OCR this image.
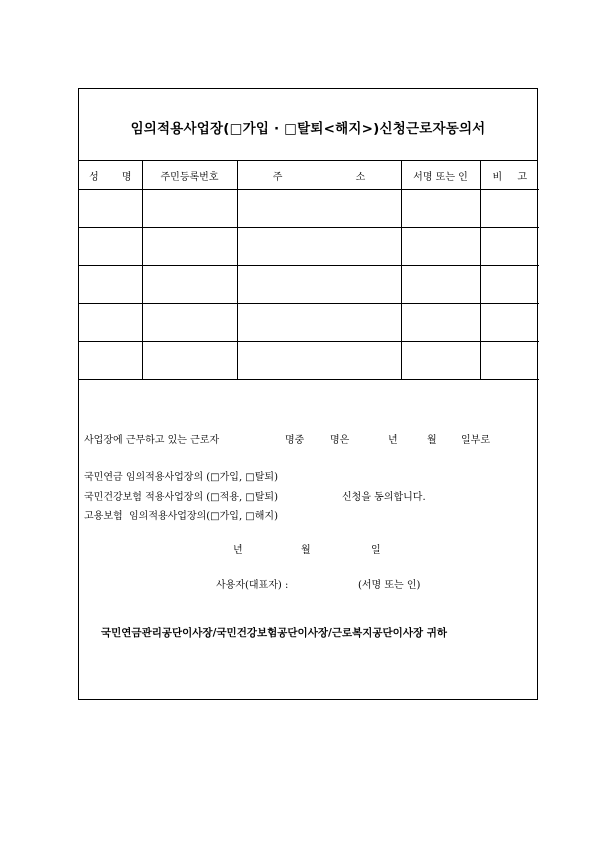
임의적용사업장(□가입 · □탈퇴<해지>)신청근로자동의서
성 명	주민등록번호	주 소	서명 또는 인	비 고

사업장에 근무하고 있는 근로자	명중	명은	년	월 일부로
국민연금 임의적용사업장의 (□가입, □탈퇴)
국민건강보험 적용사업장의 (□적용, □탈퇴)	신청을 동의합니다.
고용보험  임의적용사업장의(□가입, □해지)
년	월	일
사용자(대표자) :	(서명 또는 인)
국민연금관리공단이사장/국민건강보험공단이사장/근로복지공단이사장 귀하
